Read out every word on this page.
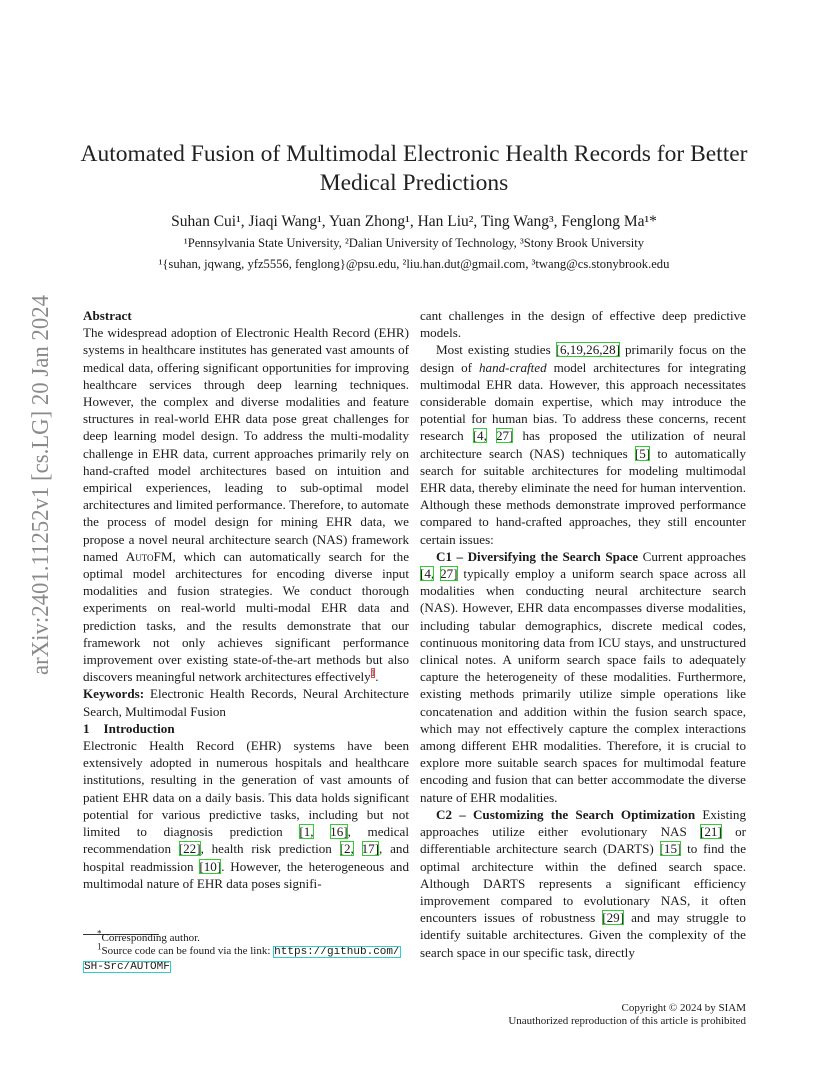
arXiv:2401.11252v1 [cs.LG] 20 Jan 2024
Automated Fusion of Multimodal Electronic Health Records for Better Medical Predictions
Suhan Cui¹, Jiaqi Wang¹, Yuan Zhong¹, Han Liu², Ting Wang³, Fenglong Ma¹*
¹Pennsylvania State University, ²Dalian University of Technology, ³Stony Brook University
¹{suhan, jqwang, yfz5556, fenglong}@psu.edu, ²liu.han.dut@gmail.com, ³twang@cs.stonybrook.edu

Abstract

The widespread adoption of Electronic Health Record (EHR) systems in healthcare institutes has generated vast amounts of medical data, offering significant opportunities for improving healthcare services through deep learning techniques. However, the complex and diverse modalities and feature structures in real-world EHR data pose great challenges for deep learning model design. To address the multi-modality challenge in EHR data, current approaches primarily rely on hand-crafted model architectures based on intuition and empirical experiences, leading to sub-optimal model architectures and limited performance. Therefore, to automate the process of model design for mining EHR data, we propose a novel neural architecture search (NAS) framework named AutoFM, which can automatically search for the optimal model architectures for encoding diverse input modalities and fusion strategies. We conduct thorough experiments on real-world multi-modal EHR data and prediction tasks, and the results demonstrate that our framework not only achieves significant performance improvement over existing state-of-the-art methods but also discovers meaningful network architectures effectively$^1$.

Keywords: Electronic Health Records, Neural Architecture Search, Multimodal Fusion

1 Introduction

Electronic Health Record (EHR) systems have been extensively adopted in numerous hospitals and healthcare institutions, resulting in the generation of vast amounts of patient EHR data on a daily basis. This data holds significant potential for various predictive tasks, including but not limited to diagnosis prediction [1, 16], medical recommendation [22], health risk prediction [2, 17], and hospital readmission [10]. However, the heterogeneous and multimodal nature of EHR data poses signifi-

cant challenges in the design of effective deep predictive models.

Most existing studies [6,19,26,28] primarily focus on the design of hand-crafted model architectures for integrating multimodal EHR data. However, this approach necessitates considerable domain expertise, which may introduce the potential for human bias. To address these concerns, recent research [4, 27] has proposed the utilization of neural architecture search (NAS) techniques [5] to automatically search for suitable architectures for modeling multimodal EHR data, thereby eliminate the need for human intervention. Although these methods demonstrate improved performance compared to hand-crafted approaches, they still encounter certain issues:

C1 – Diversifying the Search Space Current approaches [4, 27] typically employ a uniform search space across all modalities when conducting neural architecture search (NAS). However, EHR data encompasses diverse modalities, including tabular demographics, discrete medical codes, continuous monitoring data from ICU stays, and unstructured clinical notes. A uniform search space fails to adequately capture the heterogeneity of these modalities. Furthermore, existing methods primarily utilize simple operations like concatenation and addition within the fusion search space, which may not effectively capture the complex interactions among different EHR modalities. Therefore, it is crucial to explore more suitable search spaces for multimodal feature encoding and fusion that can better accommodate the diverse nature of EHR modalities.

C2 – Customizing the Search Optimization Existing approaches utilize either evolutionary NAS [21] or differentiable architecture search (DARTS) [15] to find the optimal architecture within the defined search space. Although DARTS represents a significant efficiency improvement compared to evolutionary NAS, it often encounters issues of robustness [29] and may struggle to identify suitable architectures. Given the complexity of the search space in our specific task, directly

*Corresponding author.

$^1$Source code can be found via the link: https://github.com/

SH-Src/AUTOMF

Copyright © 2024 by SIAM
Unauthorized reproduction of this article is prohibited
